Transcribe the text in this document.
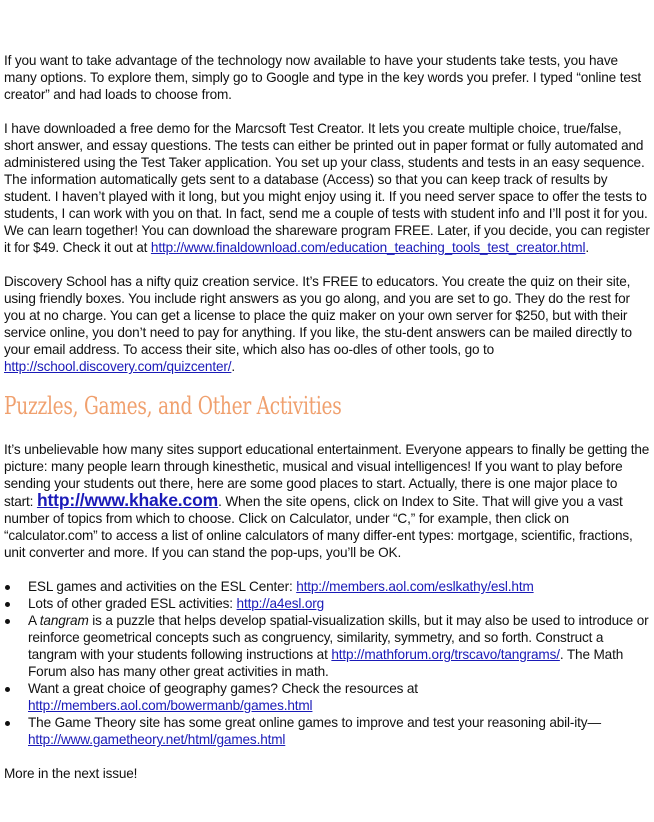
If you want to take advantage of the technology now available to have your students take tests, you have many options. To explore them, simply go to Google and type in the key words you prefer. I typed “online test creator” and had loads to choose from.

I have downloaded a free demo for the Marcsoft Test Creator. It lets you create multiple choice, true/false, short answer, and essay questions. The tests can either be printed out in paper format or fully automated and administered using the Test Taker application. You set up your class, students and tests in an easy sequence. The information automatically gets sent to a database (Access) so that you can keep track of results by student. I haven’t played with it long, but you might enjoy using it. If you need server space to offer the tests to students, I can work with you on that. In fact, send me a couple of tests with student info and I’ll post it for you. We can learn together! You can download the shareware program FREE. Later, if you decide, you can register it for $49. Check it out at http://www.finaldownload.com/education_teaching_tools_test_creator.html.

Discovery School has a nifty quiz creation service. It’s FREE to educators. You create the quiz on their site, using friendly boxes. You include right answers as you go along, and you are set to go. They do the rest for you at no charge. You can get a license to place the quiz maker on your own server for $250, but with their service online, you don’t need to pay for anything. If you like, the stu-dent answers can be mailed directly to your email address. To access their site, which also has oo-dles of other tools, go to http://school.discovery.com/quizcenter/.

Puzzles, Games, and Other Activities

It’s unbelievable how many sites support educational entertainment. Everyone appears to finally be getting the picture: many people learn through kinesthetic, musical and visual intelligences! If you want to play before sending your students out there, here are some good places to start. Actually, there is one major place to start: http://www.khake.com. When the site opens, click on Index to Site. That will give you a vast number of topics from which to choose. Click on Calculator, under “C,” for example, then click on “calculator.com” to access a list of online calculators of many differ-ent types: mortgage, scientific, fractions, unit converter and more. If you can stand the pop-ups, you’ll be OK.

ESL games and activities on the ESL Center: http://members.aol.com/eslkathy/esl.htm
Lots of other graded ESL activities: http://a4esl.org
A tangram is a puzzle that helps develop spatial-visualization skills, but it may also be used to introduce or reinforce geometrical concepts such as congruency, similarity, symmetry, and so forth. Construct a tangram with your students following instructions at http://mathforum.org/trscavo/tangrams/. The Math Forum also has many other great activities in math.
Want a great choice of geography games? Check the resources at http://members.aol.com/bowermanb/games.html
The Game Theory site has some great online games to improve and test your reasoning abil-ity—http://www.gametheory.net/html/games.html

More in the next issue!
